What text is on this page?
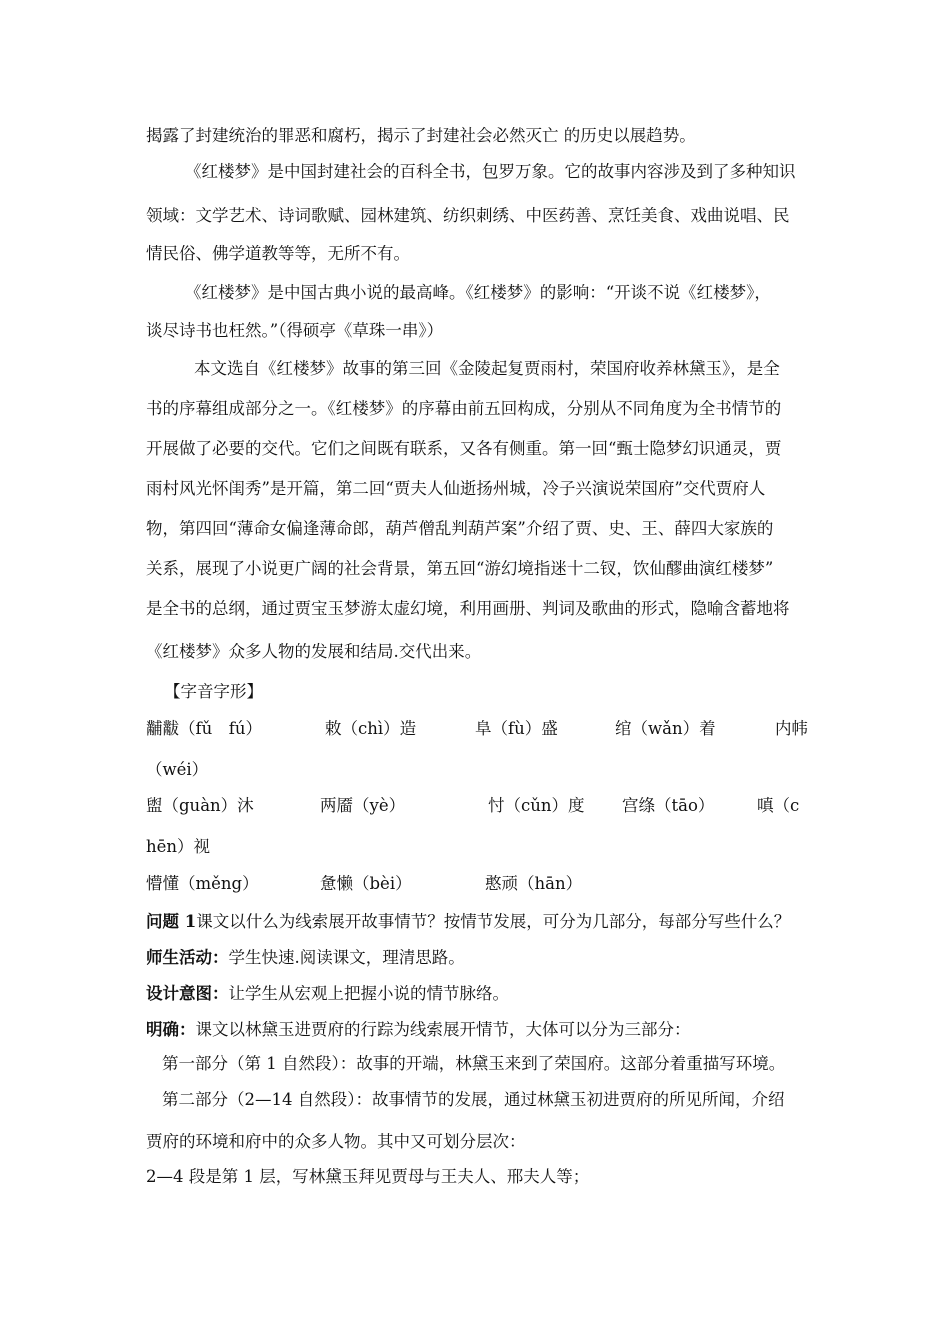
揭露了封建统治的罪恶和腐朽，揭示了封建社会必然灭亡 的历史以展趋势。
《红楼梦》是中国封建社会的百科全书，包罗万象。它的故事内容涉及到了多种知识
领域：文学艺术、诗词歌赋、园林建筑、纺织刺绣、中医药善、烹饪美食、戏曲说唱、民
情民俗、佛学道教等等，无所不有。
《红楼梦》是中国古典小说的最高峰。《红楼梦》的影响：“开谈不说《红楼梦》，
谈尽诗书也枉然。”（得硕亭《草珠一串》）
本文选自《红楼梦》故事的第三回《金陵起复贾雨村，荣国府收养林黛玉》，是全
书的序幕组成部分之一。《红楼梦》的序幕由前五回构成，分别从不同角度为全书情节的
开展做了必要的交代。它们之间既有联系，又各有侧重。第一回“甄士隐梦幻识通灵，贾
雨村风光怀闺秀”是开篇，第二回“贾夫人仙逝扬州城，冷子兴演说荣国府”交代贾府人
物，第四回“薄命女偏逢薄命郎，葫芦僧乱判葫芦案”介绍了贾、史、王、薛四大家族的
关系，展现了小说更广阔的社会背景，第五回“游幻境指迷十二钗，饮仙醪曲演红楼梦”
是全书的总纲，通过贾宝玉梦游太虚幻境，利用画册、判词及歌曲的形式，隐喻含蓄地将
《红楼梦》众多人物的发展和结局.交代出来。
【字音字形】
黼黻（fǔ　fú）	敕（chì）造	阜（fù）盛	绾（wǎn）着	内帏
（wéi）
盥（guàn）沐	两靥（yè）	忖（cǔn）度 宫绦（tāo）	嗔（c
hēn）视
懵懂（měng）	惫懒（bèi）	憨顽（hān）
问题 1课文以什么为线索展开故事情节？按情节发展，可分为几部分，每部分写些什么？
师生活动：学生快速.阅读课文，理清思路。
设计意图：让学生从宏观上把握小说的情节脉络。
明确：课文以林黛玉进贾府的行踪为线索展开情节，大体可以分为三部分：
第一部分（第 1 自然段）：故事的开端，林黛玉来到了荣国府。这部分着重描写环境。
第二部分（2—14 自然段）：故事情节的发展，通过林黛玉初进贾府的所见所闻，介绍
贾府的环境和府中的众多人物。其中又可划分层次：
2—4 段是第 1 层，写林黛玉拜见贾母与王夫人、邢夫人等；
